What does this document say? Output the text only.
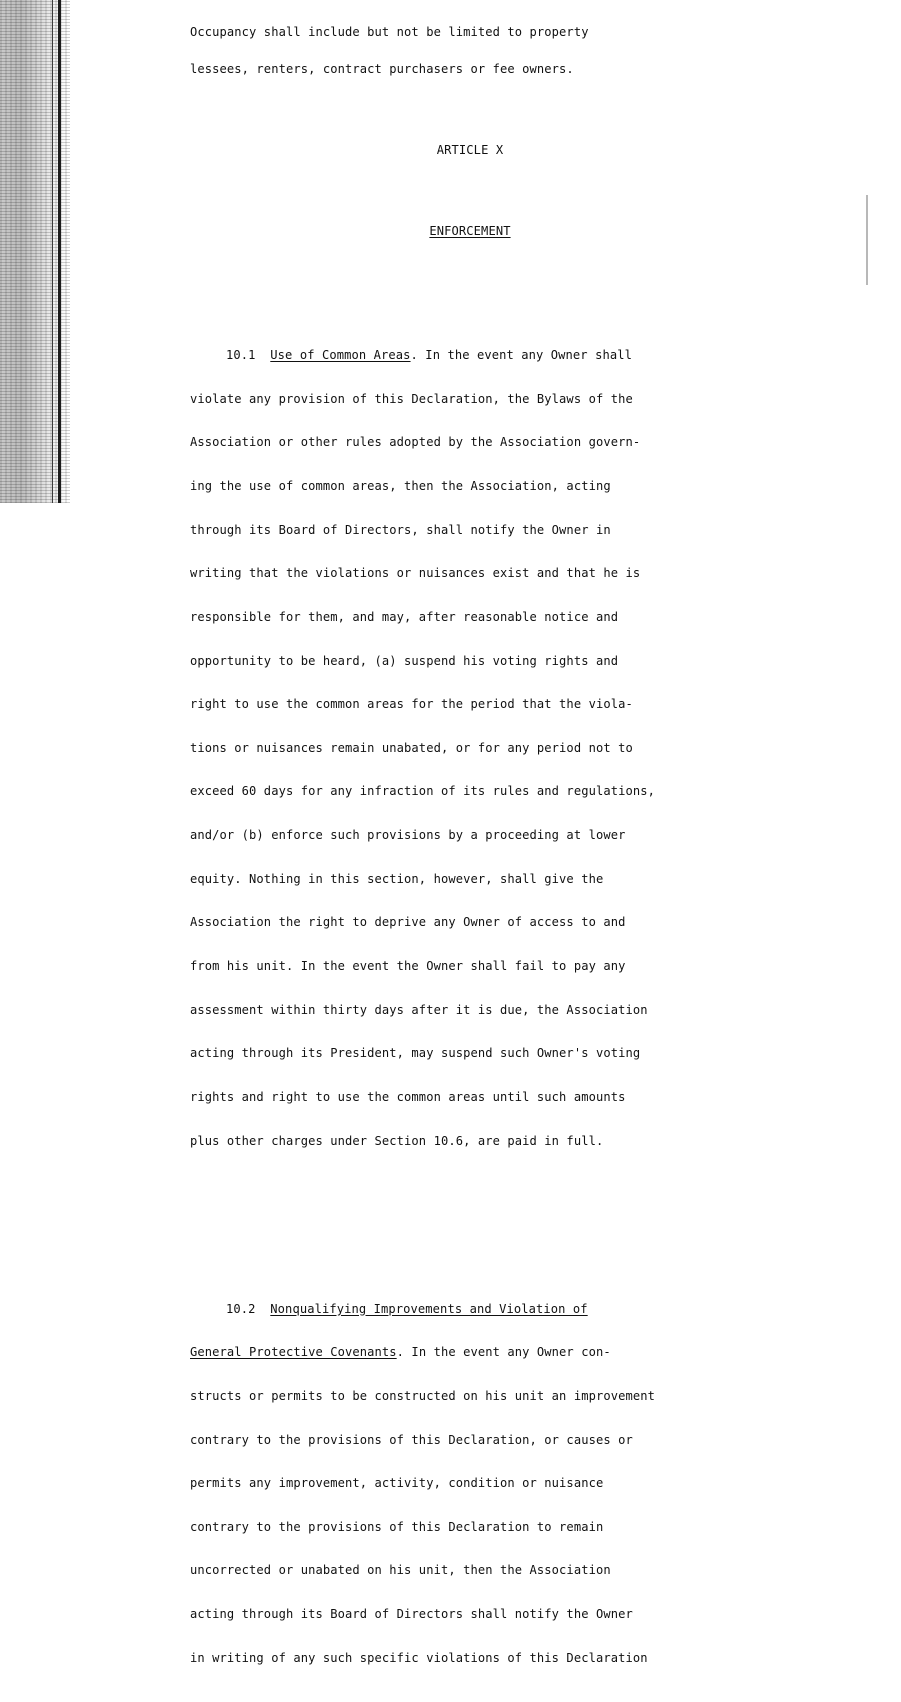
Occupancy shall include but not be limited to property

lessees, renters, contract purchasers or fee owners.

ARTICLE X

ENFORCEMENT

10.1 Use of Common Areas. In the event any Owner shall

violate any provision of this Declaration, the Bylaws of the

Association or other rules adopted by the Association govern-

ing the use of common areas, then the Association, acting

through its Board of Directors, shall notify the Owner in

writing that the violations or nuisances exist and that he is

responsible for them, and may, after reasonable notice and

opportunity to be heard, (a) suspend his voting rights and

right to use the common areas for the period that the viola-

tions or nuisances remain unabated, or for any period not to

exceed 60 days for any infraction of its rules and regulations,

and/or (b) enforce such provisions by a proceeding at lower

equity. Nothing in this section, however, shall give the

Association the right to deprive any Owner of access to and

from his unit. In the event the Owner shall fail to pay any

assessment within thirty days after it is due, the Association

acting through its President, may suspend such Owner's voting

rights and right to use the common areas until such amounts

plus other charges under Section 10.6, are paid in full.

10.2 Nonqualifying Improvements and Violation of

General Protective Covenants. In the event any Owner con-

structs or permits to be constructed on his unit an improvement

contrary to the provisions of this Declaration, or causes or

permits any improvement, activity, condition or nuisance

contrary to the provisions of this Declaration to remain

uncorrected or unabated on his unit, then the Association

acting through its Board of Directors shall notify the Owner

in writing of any such specific violations of this Declaration
